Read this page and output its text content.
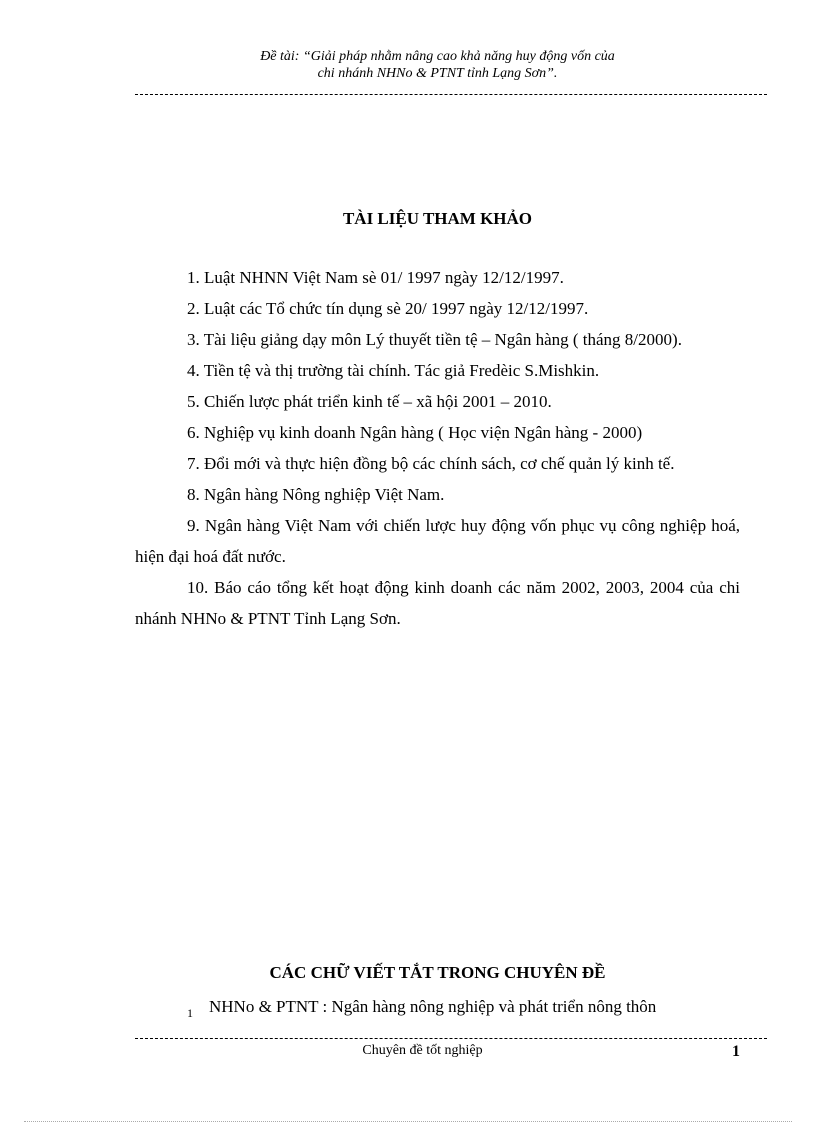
Đề tài: “Giải pháp nhằm nâng cao khả năng huy động vốn của
chi nhánh NHNo & PTNT tỉnh Lạng Sơn”.
TÀI LIỆU THAM KHẢO

1. Luật NHNN Việt Nam sè 01/ 1997 ngày 12/12/1997.

2. Luật các Tổ chức tín dụng sè 20/ 1997 ngày 12/12/1997.

3. Tài liệu giảng dạy môn Lý thuyết tiền tệ – Ngân hàng ( tháng 8/2000).

4. Tiền tệ và thị trường tài chính. Tác giả Fredèic S.Mishkin.

5. Chiến lược phát triển kinh tế – xã hội 2001 – 2010.

6. Nghiệp vụ kinh doanh Ngân hàng ( Học viện Ngân hàng - 2000)

7. Đổi mới và thực hiện đồng bộ các chính sách, cơ chế quản lý kinh tế.

8. Ngân hàng Nông nghiệp Việt Nam.

9. Ngân hàng Việt Nam với chiến lược huy động vốn phục vụ công nghiệp hoá, hiện đại hoá đất nước.

10. Báo cáo tổng kết hoạt động kinh doanh các năm 2002, 2003, 2004 của chi nhánh NHNo & PTNT Tỉnh Lạng Sơn.

CÁC CHỮ VIẾT TẮT TRONG CHUYÊN ĐỀ
1 NHNo & PTNT : Ngân hàng nông nghiệp và phát triển nông thôn
Chuyên đề tốt nghiệp	1
